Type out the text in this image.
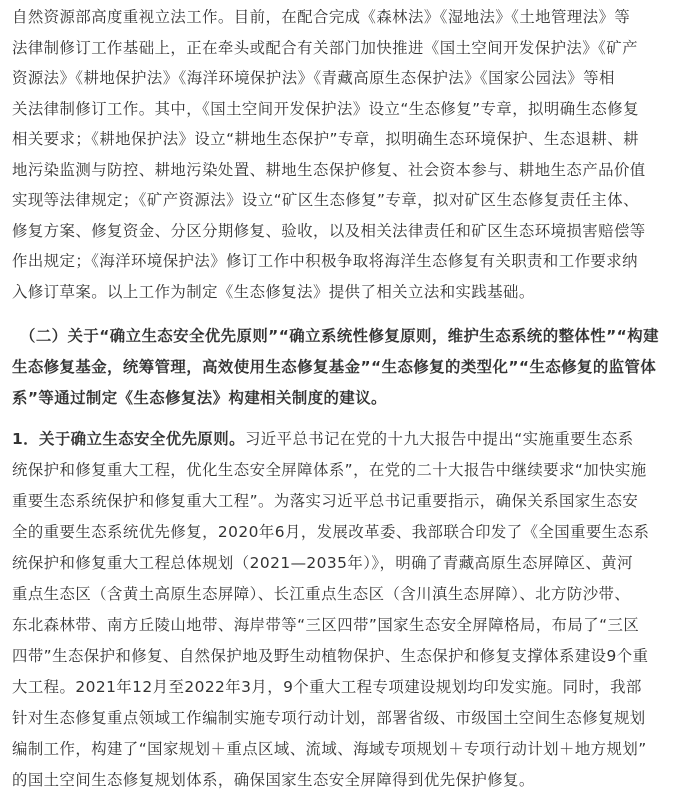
自然资源部高度重视立法工作。目前，在配合完成《森林法》《湿地法》《土地管理法》等
法律制修订工作基础上，正在牵头或配合有关部门加快推进《国土空间开发保护法》《矿产
资源法》《耕地保护法》《海洋环境保护法》《青藏高原生态保护法》《国家公园法》等相
关法律制修订工作。其中，《国土空间开发保护法》设立“生态修复”专章，拟明确生态修复
相关要求；《耕地保护法》设立“耕地生态保护”专章，拟明确生态环境保护、生态退耕、耕
地污染监测与防控、耕地污染处置、耕地生态保护修复、社会资本参与、耕地生态产品价值
实现等法律规定；《矿产资源法》设立“矿区生态修复”专章，拟对矿区生态修复责任主体、
修复方案、修复资金、分区分期修复、验收，以及相关法律责任和矿区生态环境损害赔偿等
作出规定；《海洋环境保护法》修订工作中积极争取将海洋生态修复有关职责和工作要求纳
入修订草案。以上工作为制定《生态修复法》提供了相关立法和实践基础。
（二）关于“确立生态安全优先原则”“确立系统性修复原则，维护生态系统的整体性”“构建
生态修复基金，统筹管理，高效使用生态修复基金”“生态修复的类型化”“生态修复的监管体
系”等通过制定《生态修复法》构建相关制度的建议。
1．关于确立生态安全优先原则。习近平总书记在党的十九大报告中提出“实施重要生态系
统保护和修复重大工程，优化生态安全屏障体系”，在党的二十大报告中继续要求“加快实施
重要生态系统保护和修复重大工程”。为落实习近平总书记重要指示，确保关系国家生态安
全的重要生态系统优先修复，2020年6月，发展改革委、我部联合印发了《全国重要生态系
统保护和修复重大工程总体规划（2021—2035年）》，明确了青藏高原生态屏障区、黄河
重点生态区（含黄土高原生态屏障）、长江重点生态区（含川滇生态屏障）、北方防沙带、
东北森林带、南方丘陵山地带、海岸带等“三区四带”国家生态安全屏障格局，布局了“三区
四带”生态保护和修复、自然保护地及野生动植物保护、生态保护和修复支撑体系建设9个重
大工程。2021年12月至2022年3月，9个重大工程专项建设规划均印发实施。同时，我部
针对生态修复重点领域工作编制实施专项行动计划，部署省级、市级国土空间生态修复规划
编制工作，构建了“国家规划＋重点区域、流域、海域专项规划＋专项行动计划＋地方规划”
的国土空间生态修复规划体系，确保国家生态安全屏障得到优先保护修复。
